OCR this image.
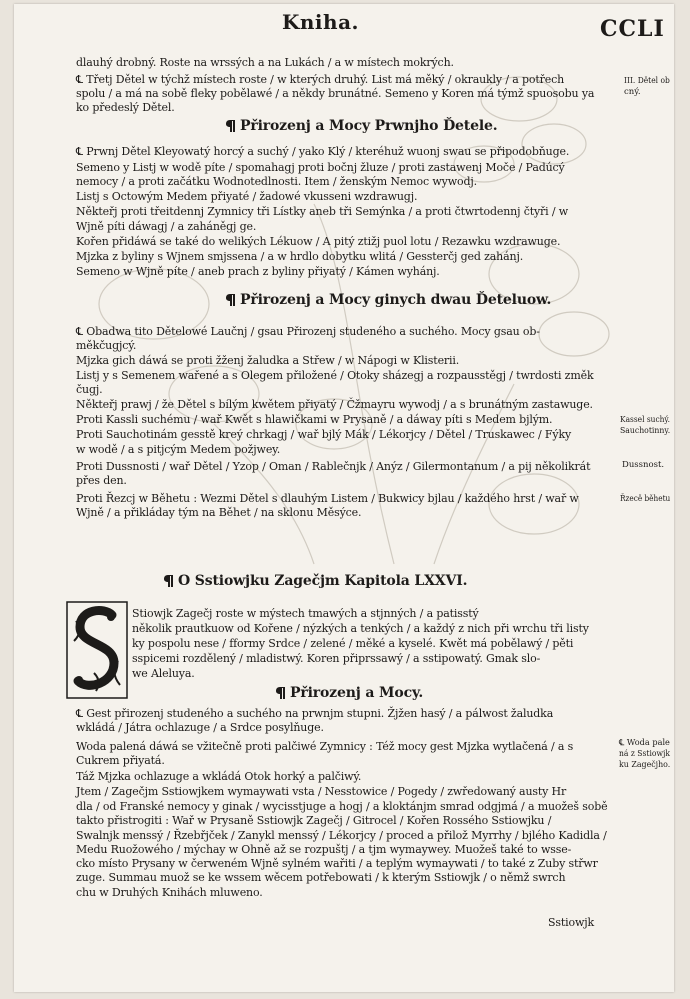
Kniha.	CCLI
dlauhý drobný. Roste na wrssých a na Lukách / a w místech mokrých.
℄ Třetj Dětel w týchž místech roste / w kterých druhý. List má měký / okraukly / a potřech
spolu / a má na sobě fleky pobělawé / a někdy brunátné. Semeno y Koren má týmž spuosobu ya
ko předeslý Dětel.
Přirozenj a Mocy Prwnjho Ďetele.
℄ Prwnj Dětel Kleyowatý horcý a suchý / yako Klý / kteréhuž wuonj swau se připodobňuge.
Semeno y Listj w wodě píte / spomahagj proti bočnj žluze / proti zastawenj Moče / Padúcý
nemocy / a proti začátku Wodnotedlnosti. Item / ženským Nemoc wywodj.
Listj s Octowým Medem přiyaté / žadowé vkusseni wzdrawugj.
Někteřj proti třeitdennj Zymnicy tři Lístky aneb tři Semýnka / a proti čtwrtodennj čtyři / w
Wjně píti dáwagj / a zaháněgj ge.
Kořen přidáwá se také do welikých Lékuow / A pitý ztižj puol lotu / Rezawku wzdrawuge.
Mjzka z byliny s Wjnem smjssena / a w hrdlo dobytku wlitá / Gessterčj ged zahánj.
Semeno w Wjně píte / aneb prach z byliny přiyatý / Kámen wyhánj.
Přirozenj a Mocy ginych dwau Ďeteluow.
℄ Obadwa tito Dětelowé Laučnj / gsau Přirozenj studeného a suchého. Mocy gsau ob-
měkčugjcý.
Mjzka gich dáwá se proti žženj žaludka a Střew / w Nápogi w Klisterii.
Listj y s Semenem wařené a s Olegem přiložené / Otoky sházegj a rozpausstěgj / twrdosti změk
čugj.
Někteřj prawj / že Dětel s bílým kwětem přiyatý / Čžmayru wywodj / a s brunátným zastawuge.
Proti Kassli suchému / wař Kwět s hlawičkami w Prysaně / a dáway píti s Medem bjlým.
Proti Sauchotinám gesstě kreý chrkagj / wař bjlý Mák / Lékorjcy / Dětel / Truskawec / Fýky
w wodě / a s pitjcým Medem požjwey.
Proti Dussnosti / wař Dětel / Yzop / Oman / Rablečnjk / Anýz / Gilermontanum / a pij několikrát
přes den.
Proti Řezcj w Běhetu : Wezmi Dětel s dlauhým Listem / Bukwicy bjlau / každého hrst / wař w
Wjně / a přikláday tým na Běhet / na sklonu Měsýce.
O Sstiowjku Zagečjm Kapitola LXXVI.
Stiowjk Zagečj roste w mýstech tmawých a stjnných / a patisstý
několik prautkuow od Kořene / nýzkých a tenkých / a každý z nich při wrchu tři listy
ky pospolu nese / fformy Srdce / zelené / měké a kyselé. Kwět má pobělawý / pěti
sspicemi rozdělený / mladistwý. Koren připrssawý / a sstipowatý. Gmak slo-
we Aleluya.
Přirozenj a Mocy.
℄ Gest přirozenj studeného a suchého na prwnjm stupni. Žjžen hasý / a pálwost žaludka
wkládá / Játra ochlazuge / a Srdce posylňuge.
Woda palená dáwá se vžitečně proti palčiwé Zymnicy : Též mocy gest Mjzka wytlačená / a s
Cukrem přiyatá.
Táž Mjzka ochlazuge a wkládá Otok horký a palčiwý.
Jtem / Zagečjm Sstiowjkem wymaywati vsta / Nesstowice / Pogedy / zwředowaný austy Hr
dla / od Franské nemocy y ginak / wycisstjuge a hogj / a kloktánjm smrad odgjmá / a muožeš sobě
takto přistrogiti : Wař w Prysaně Sstiowjk Zagečj / Gitrocel / Kořen Rossého Sstiowjku /
Swalnjk menssý / Řzebřjček / Zanykl menssý / Lékorjcy / proced a přilož Myrrhy / bjlého Kadidla /
Medu Ruožowého / mýchay w Ohně až se rozpuštj / a tjm wymaywey. Muožeš také to wsse-
cko místo Prysany w čerweném Wjně sylném wařiti / a teplým wymaywati / to také z Zuby střwr
zuge. Summau muož se ke wssem wěcem potřebowati / k kterým Sstiowjk / o němž swrch
chu w Druhých Knihách mluweno.
Sstiowjk
III. Dětel ob
cný.
Kassel suchý.
Sauchotinny.
Dussnost.
Řzecě běhetu
℄ Woda pale
ná z Sstiowjk
ku Zagečjho.
